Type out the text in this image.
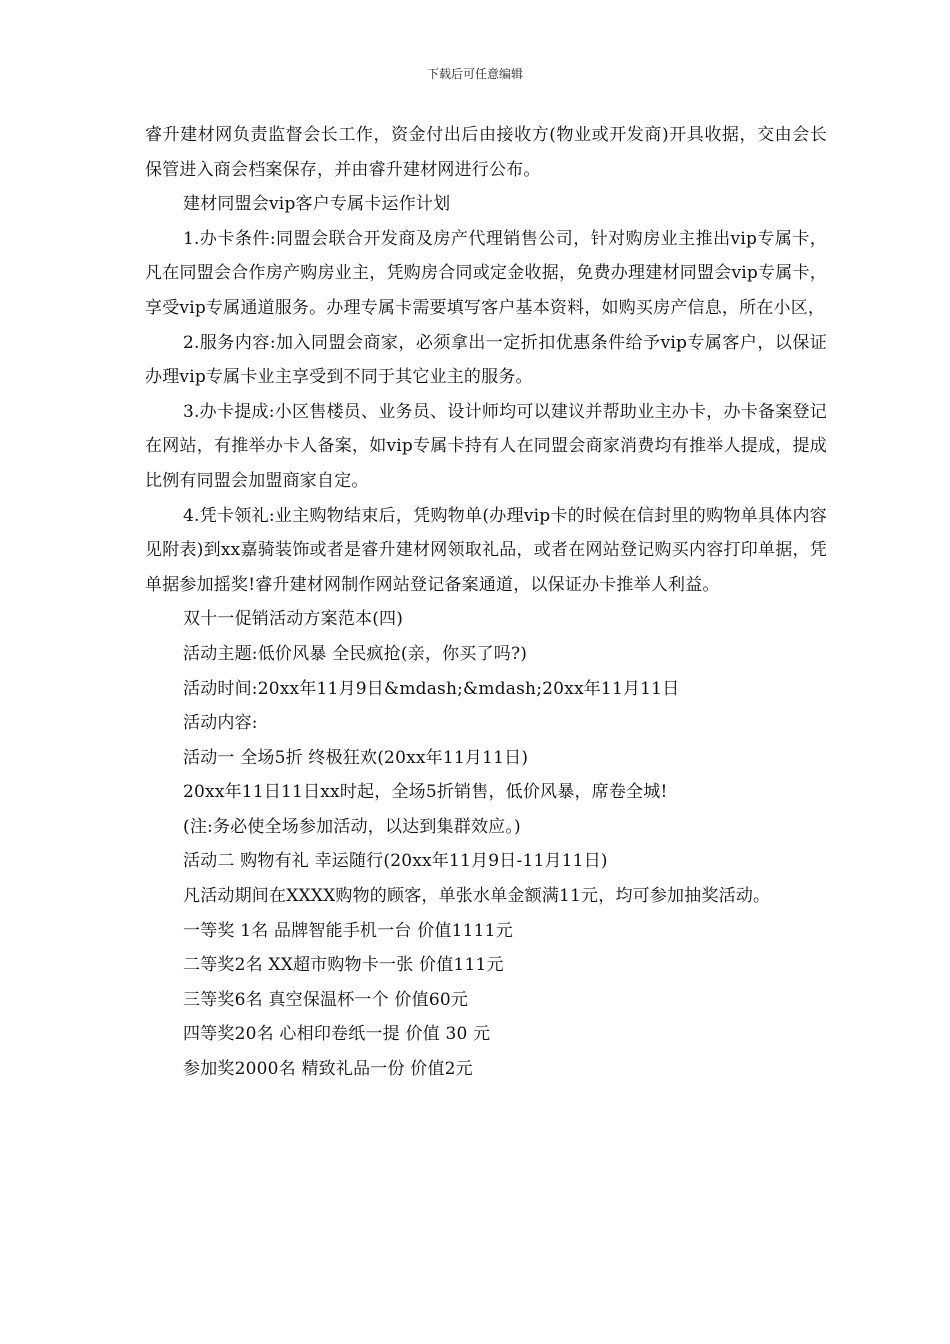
下载后可任意编辑

睿升建材网负责监督会长工作，资金付出后由接收方(物业或开发商)开具收据，交由会长保管进入商会档案保存，并由睿升建材网进行公布。

建材同盟会vip客户专属卡运作计划

1.办卡条件:同盟会联合开发商及房产代理销售公司，针对购房业主推出vip专属卡，凡在同盟会合作房产购房业主，凭购房合同或定金收据，免费办理建材同盟会vip专属卡，享受vip专属通道服务。办理专属卡需要填写客户基本资料，如购买房产信息，所在小区，

2.服务内容:加入同盟会商家，必须拿出一定折扣优惠条件给予vip专属客户，以保证办理vip专属卡业主享受到不同于其它业主的服务。

3.办卡提成:小区售楼员、业务员、设计师均可以建议并帮助业主办卡，办卡备案登记在网站，有推举办卡人备案，如vip专属卡持有人在同盟会商家消费均有推举人提成，提成比例有同盟会加盟商家自定。

4.凭卡领礼:业主购物结束后，凭购物单(办理vip卡的时候在信封里的购物单具体内容见附表)到xx嘉骑装饰或者是睿升建材网领取礼品，或者在网站登记购买内容打印单据，凭单据参加摇奖!睿升建材网制作网站登记备案通道，以保证办卡推举人利益。

双十一促销活动方案范本(四)

活动主题:低价风暴 全民疯抢(亲，你买了吗?)

活动时间:20xx年11月9日&mdash;&mdash;20xx年11月11日

活动内容:

活动一 全场5折 终极狂欢(20xx年11月11日)

20xx年11日11日xx时起，全场5折销售，低价风暴，席卷全城!

(注:务必使全场参加活动，以达到集群效应。)

活动二 购物有礼 幸运随行(20xx年11月9日-11月11日)

凡活动期间在XXXX购物的顾客，单张水单金额满11元，均可参加抽奖活动。

一等奖 1名 品牌智能手机一台 价值1111元

二等奖2名 XX超市购物卡一张 价值111元

三等奖6名 真空保温杯一个 价值60元

四等奖20名 心相印卷纸一提 价值 30 元

参加奖2000名 精致礼品一份 价值2元
